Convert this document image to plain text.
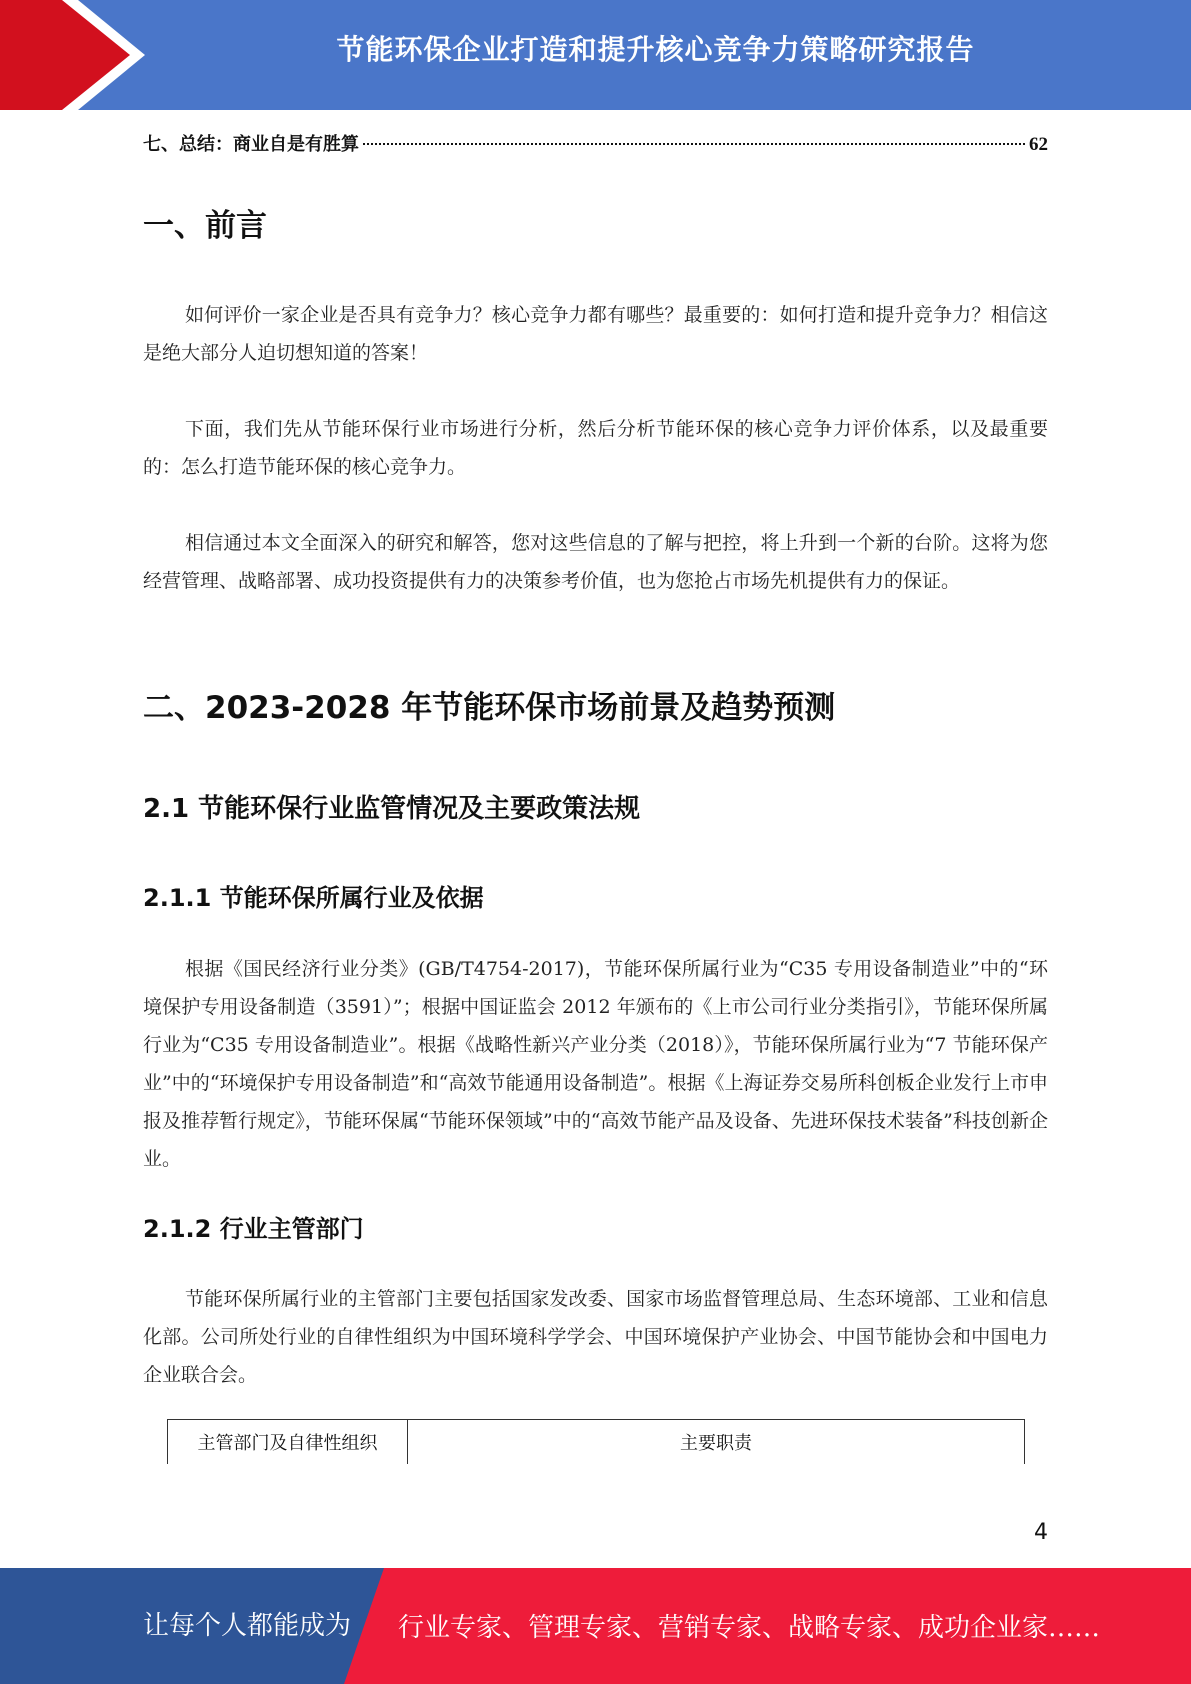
节能环保企业打造和提升核心竞争力策略研究报告
七、总结：商业自是有胜算	62
一、前言

如何评价一家企业是否具有竞争力？核心竞争力都有哪些？最重要的：如何打造和提升竞争力？相信这是绝大部分人迫切想知道的答案！

下面，我们先从节能环保行业市场进行分析，然后分析节能环保的核心竞争力评价体系，以及最重要的：怎么打造节能环保的核心竞争力。

相信通过本文全面深入的研究和解答，您对这些信息的了解与把控，将上升到一个新的台阶。这将为您经营管理、战略部署、成功投资提供有力的决策参考价值，也为您抢占市场先机提供有力的保证。

二、2023-2028 年节能环保市场前景及趋势预测
2.1 节能环保行业监管情况及主要政策法规
2.1.1 节能环保所属行业及依据

根据《国民经济行业分类》(GB/T4754-2017)，节能环保所属行业为“C35 专用设备制造业”中的“环境保护专用设备制造（3591）”；根据中国证监会 2012 年颁布的《上市公司行业分类指引》，节能环保所属行业为“C35 专用设备制造业”。根据《战略性新兴产业分类（2018）》，节能环保所属行业为“7 节能环保产业”中的“环境保护专用设备制造”和“高效节能通用设备制造”。根据《上海证券交易所科创板企业发行上市申报及推荐暂行规定》，节能环保属“节能环保领域”中的“高效节能产品及设备、先进环保技术装备”科技创新企业。

2.1.2 行业主管部门

节能环保所属行业的主管部门主要包括国家发改委、国家市场监督管理总局、生态环境部、工业和信息化部。公司所处行业的自律性组织为中国环境科学学会、中国环境保护产业协会、中国节能协会和中国电力企业联合会。

主管部门及自律性组织	主要职责
4
让每个人都能成为 行业专家、管理专家、营销专家、战略专家、成功企业家……
